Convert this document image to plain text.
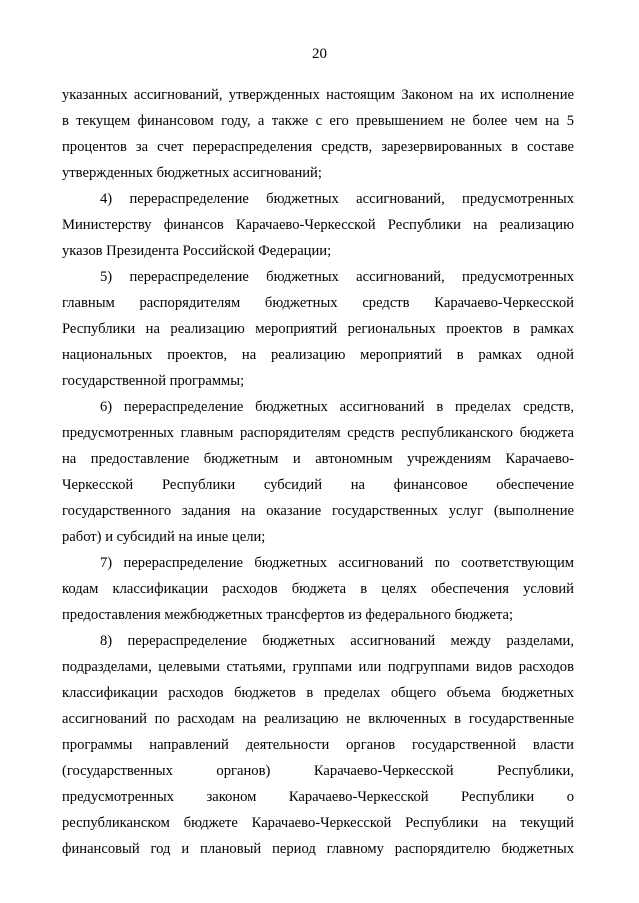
20
указанных ассигнований, утвержденных настоящим Законом на их исполнение
в текущем финансовом году, а также с его превышением не более чем на 5
процентов за счет перераспределения средств, зарезервированных в составе
утвержденных бюджетных ассигнований;
4) перераспределение бюджетных ассигнований, предусмотренных
Министерству финансов Карачаево-Черкесской Республики на реализацию
указов Президента Российской Федерации;
5) перераспределение бюджетных ассигнований, предусмотренных
главным распорядителям бюджетных средств Карачаево-Черкесской
Республики на реализацию мероприятий региональных проектов в рамках
национальных проектов, на реализацию мероприятий в рамках одной
государственной программы;
6) перераспределение бюджетных ассигнований в пределах средств,
предусмотренных главным распорядителям средств республиканского бюджета
на предоставление бюджетным и автономным учреждениям Карачаево-
Черкесской Республики субсидий на финансовое обеспечение
государственного задания на оказание государственных услуг (выполнение
работ) и субсидий на иные цели;
7) перераспределение бюджетных ассигнований по соответствующим
кодам классификации расходов бюджета в целях обеспечения условий
предоставления межбюджетных трансфертов из федерального бюджета;
8) перераспределение бюджетных ассигнований между разделами,
подразделами, целевыми статьями, группами или подгруппами видов расходов
классификации расходов бюджетов в пределах общего объема бюджетных
ассигнований по расходам на реализацию не включенных в государственные
программы направлений деятельности органов государственной власти
(государственных органов) Карачаево-Черкесской Республики,
предусмотренных законом Карачаево-Черкесской Республики о
республиканском бюджете Карачаево-Черкесской Республики на текущий
финансовый год и плановый период главному распорядителю бюджетных
